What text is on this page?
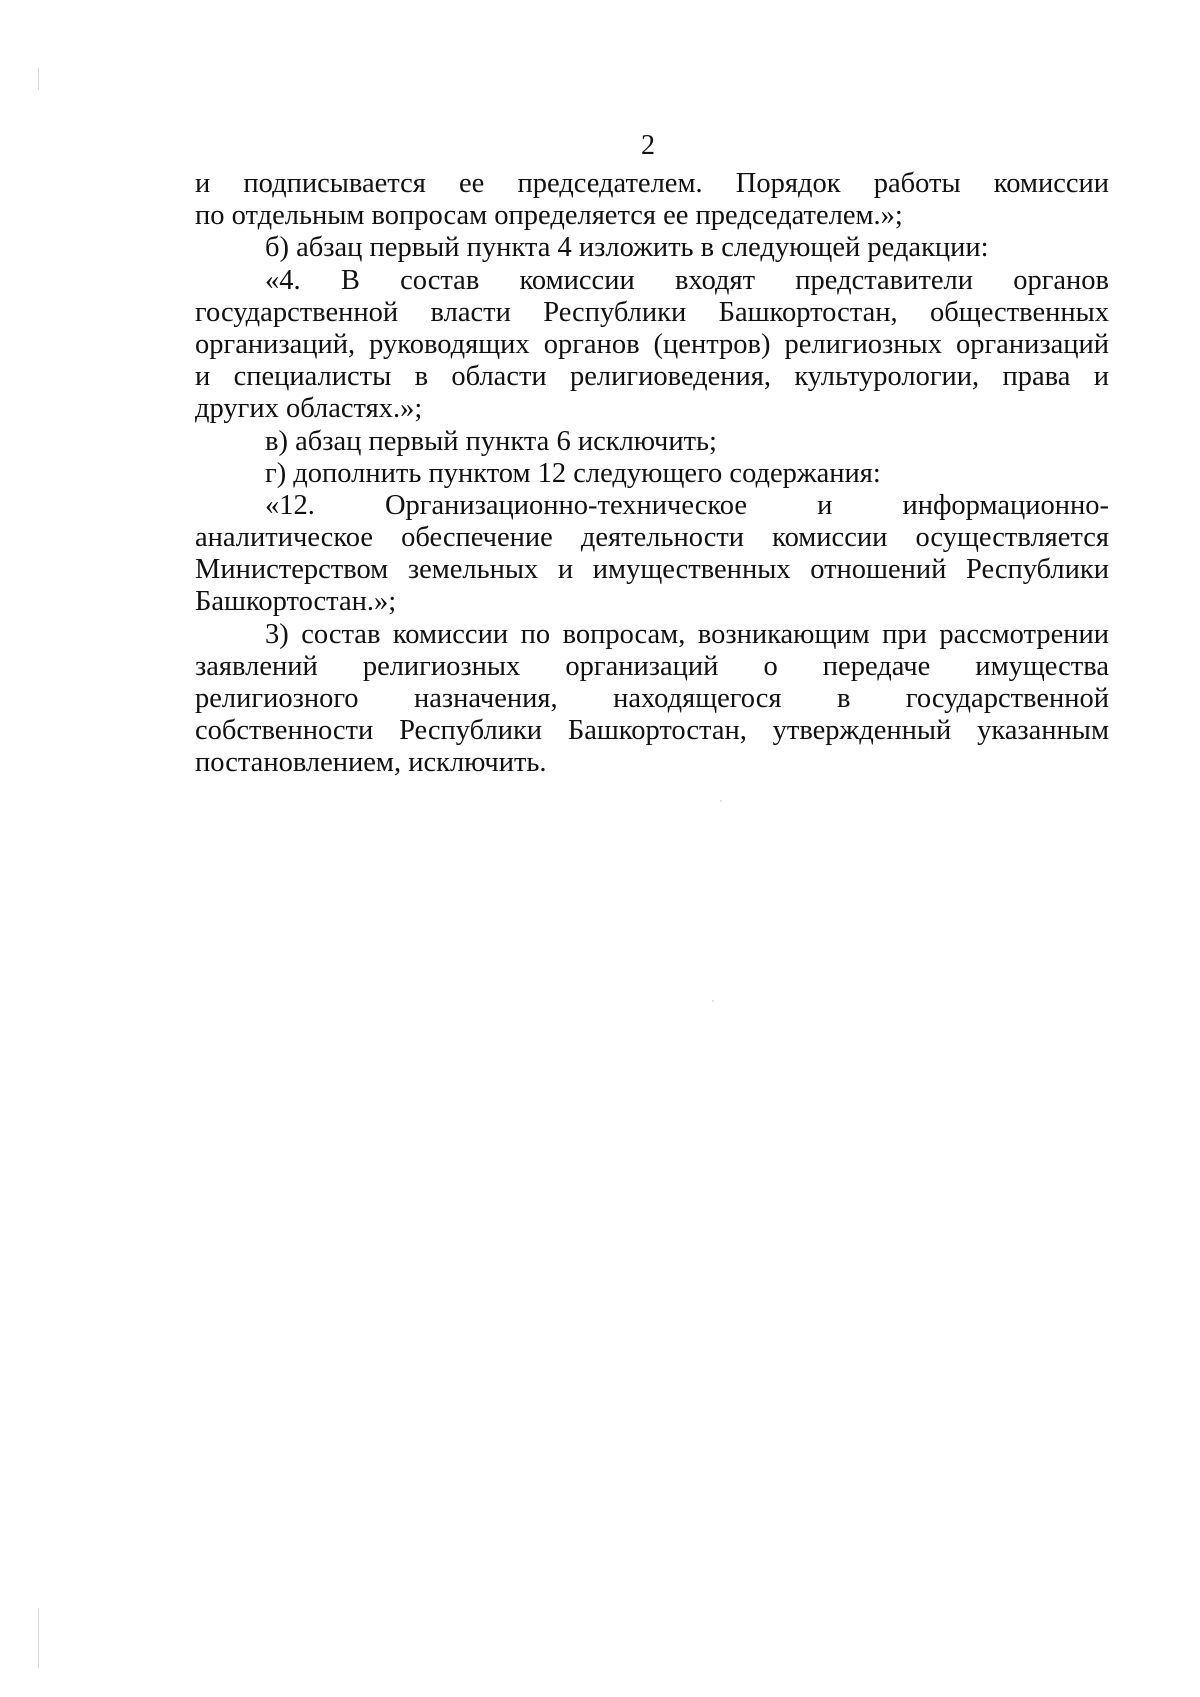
2
и подписывается ее председателем. Порядок работы комиссии
по отдельным вопросам определяется ее председателем.»;
б) абзац первый пункта 4 изложить в следующей редакции:
«4. В состав комиссии входят представители органов
государственной власти Республики Башкортостан, общественных
организаций, руководящих органов (центров) религиозных организаций
и специалисты в области религиоведения, культурологии, права и
других областях.»;
в) абзац первый пункта 6 исключить;
г) дополнить пунктом 12 следующего содержания:
«12. Организационно-техническое и информационно-
аналитическое обеспечение деятельности комиссии осуществляется
Министерством земельных и имущественных отношений Республики
Башкортостан.»;
3) состав комиссии по вопросам, возникающим при рассмотрении
заявлений религиозных организаций о передаче имущества
религиозного назначения, находящегося в государственной
собственности Республики Башкортостан, утвержденный указанным
постановлением, исключить.
